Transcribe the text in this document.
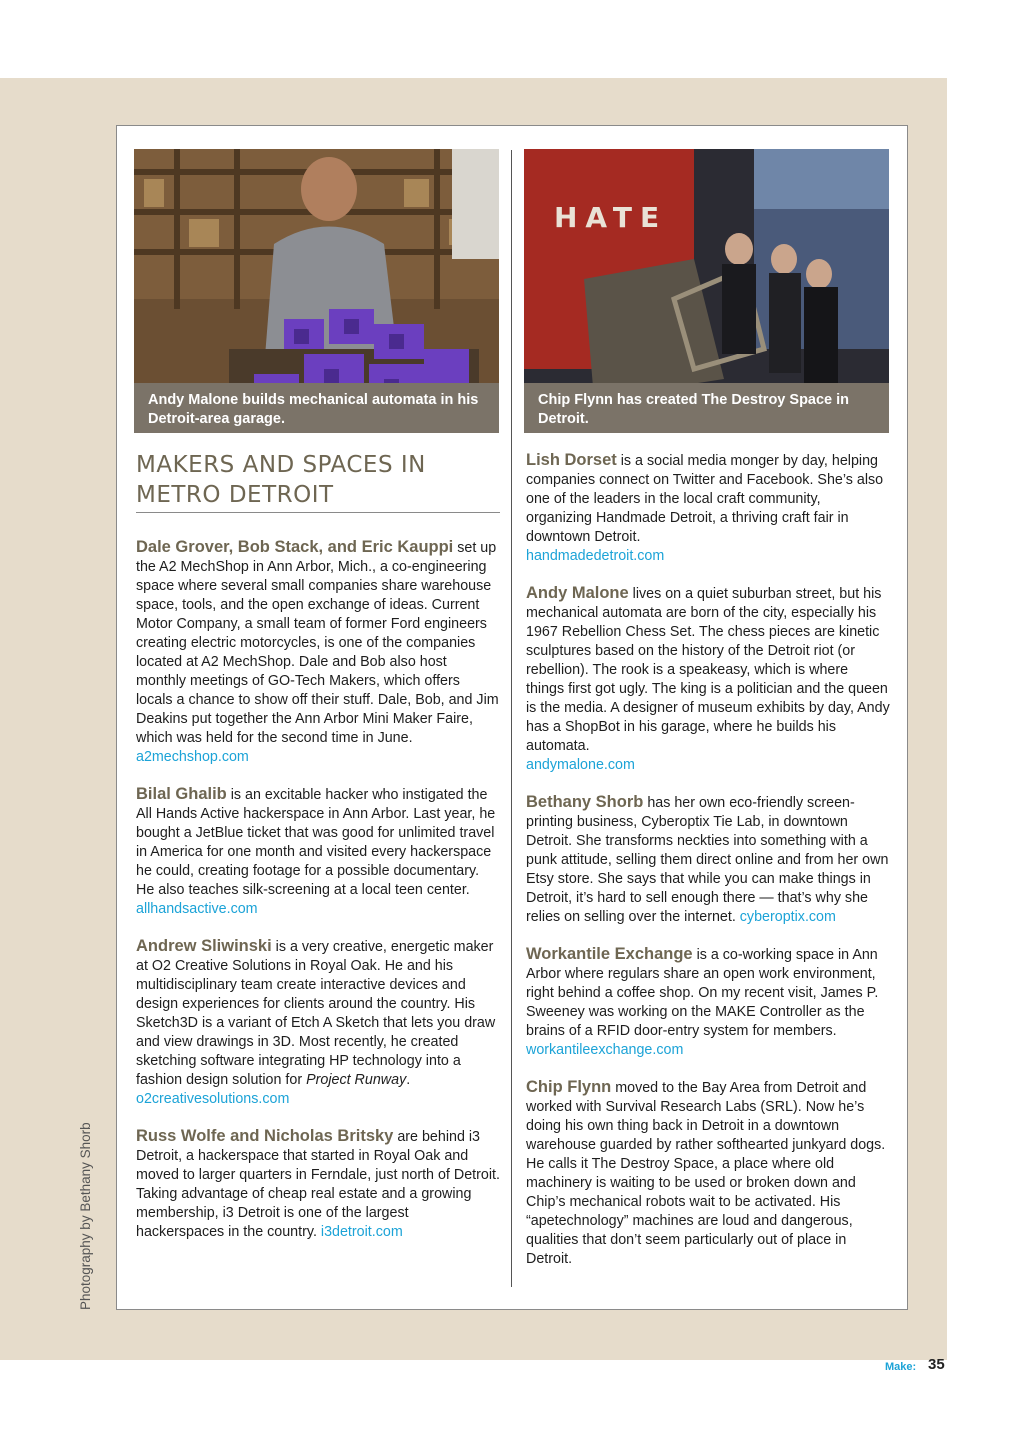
Andy Malone builds mechanical automata in his Detroit-area garage.
HATE
Chip Flynn has created The Destroy Space in Detroit.
MAKERS AND SPACES IN METRO DETROIT

Dale Grover, Bob Stack, and Eric Kauppi set up the A2 MechShop in Ann Arbor, Mich., a co-engineering space where several small companies share warehouse space, tools, and the open exchange of ideas. Current Motor Company, a small team of former Ford engineers creating electric motorcycles, is one of the companies located at A2 MechShop. Dale and Bob also host monthly meetings of GO-Tech Makers, which offers locals a chance to show off their stuff. Dale, Bob, and Jim Deakins put together the Ann Arbor Mini Maker Faire, which was held for the second time in June.
a2mechshop.com

Bilal Ghalib is an excitable hacker who instigated the All Hands Active hackerspace in Ann Arbor. Last year, he bought a JetBlue ticket that was good for unlimited travel in America for one month and visited every hackerspace he could, creating footage for a possible documentary. He also teaches silk-screening at a local teen center.
allhandsactive.com

Andrew Sliwinski is a very creative, energetic maker at O2 Creative Solutions in Royal Oak. He and his multidisciplinary team create interactive devices and design experiences for clients around the country. His Sketch3D is a variant of Etch A Sketch that lets you draw and view drawings in 3D. Most recently, he created sketching software integrating HP technology into a fashion design solution for Project Runway. o2creativesolutions.com

Russ Wolfe and Nicholas Britsky are behind i3 Detroit, a hackerspace that started in Royal Oak and moved to larger quarters in Ferndale, just north of Detroit. Taking advantage of cheap real estate and a growing membership, i3 Detroit is one of the largest hackerspaces in the country. i3detroit.com

Lish Dorset is a social media monger by day, helping companies connect on Twitter and Facebook. She’s also one of the leaders in the local craft community, organizing Handmade Detroit, a thriving craft fair in downtown Detroit.
handmadedetroit.com

Andy Malone lives on a quiet suburban street, but his mechanical automata are born of the city, especially his 1967 Rebellion Chess Set. The chess pieces are kinetic sculptures based on the history of the Detroit riot (or rebellion). The rook is a speakeasy, which is where things first got ugly. The king is a politician and the queen is the media. A designer of museum exhibits by day, Andy has a ShopBot in his garage, where he builds his automata.
andymalone.com

Bethany Shorb has her own eco-friendly screen-printing business, Cyberoptix Tie Lab, in downtown Detroit. She transforms neckties into something with a punk attitude, selling them direct online and from her own Etsy store. She says that while you can make things in Detroit, it’s hard to sell enough there — that’s why she relies on selling over the internet. cyberoptix.com

Workantile Exchange is a co-working space in Ann Arbor where regulars share an open work environment, right behind a coffee shop. On my recent visit, James P. Sweeney was working on the MAKE Controller as the brains of a RFID door-entry system for members. workantileexchange.com

Chip Flynn moved to the Bay Area from Detroit and worked with Survival Research Labs (SRL). Now he’s doing his own thing back in Detroit in a downtown warehouse guarded by rather softhearted junkyard dogs. He calls it The Destroy Space, a place where old machinery is waiting to be used or broken down and Chip’s mechanical robots wait to be activated. His “apetechnology” machines are loud and dangerous, qualities that don’t seem particularly out of place in Detroit.

Photography by Bethany Shorb
Make: 35
